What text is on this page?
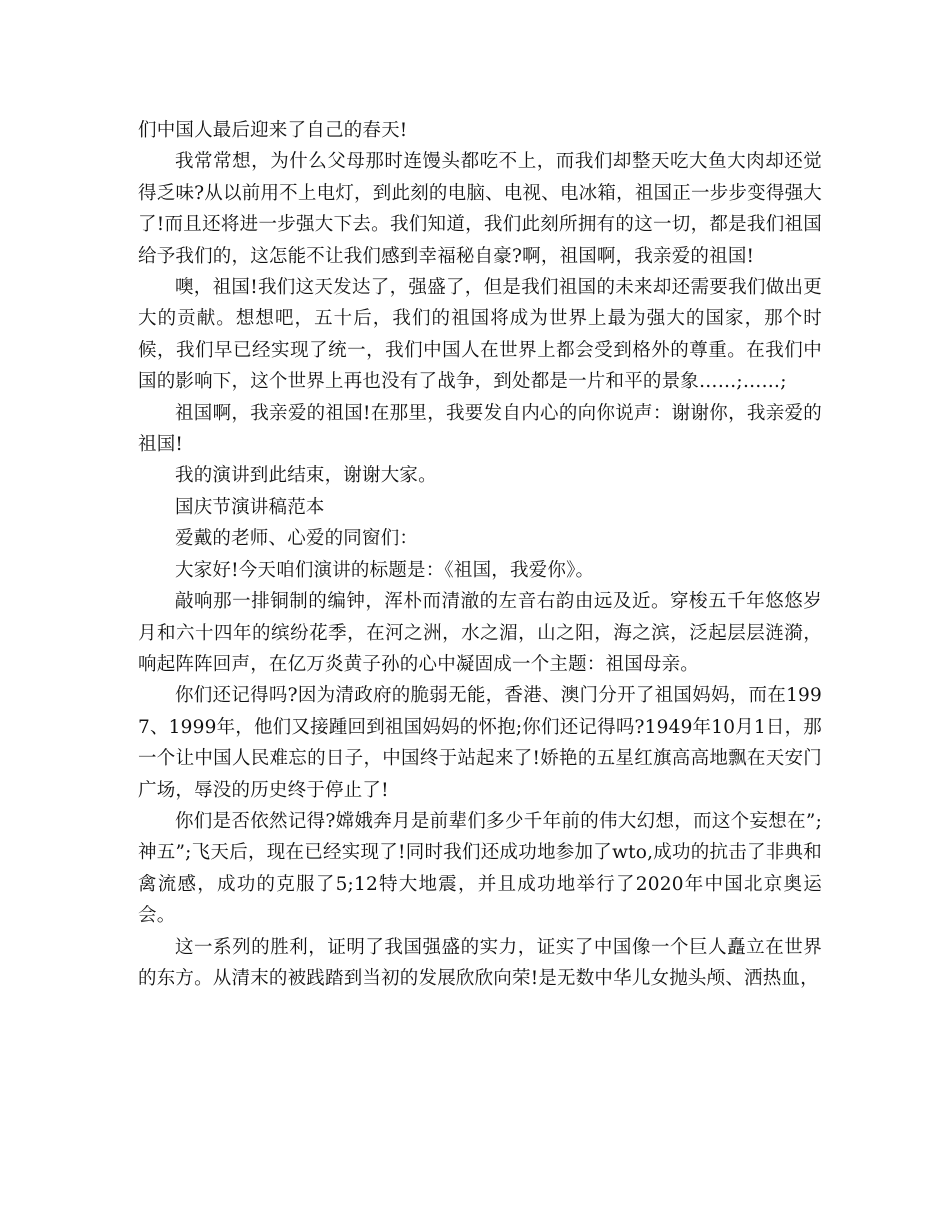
们中国人最后迎来了自己的春天!

我常常想，为什么父母那时连馒头都吃不上，而我们却整天吃大鱼大肉却还觉得乏味?从以前用不上电灯，到此刻的电脑、电视、电冰箱，祖国正一步步变得强大了!而且还将进一步强大下去。我们知道，我们此刻所拥有的这一切，都是我们祖国给予我们的，这怎能不让我们感到幸福秘自豪?啊，祖国啊，我亲爱的祖国!

噢，祖国!我们这天发达了，强盛了，但是我们祖国的未来却还需要我们做出更大的贡献。想想吧，五十后，我们的祖国将成为世界上最为强大的国家，那个时候，我们早已经实现了统一，我们中国人在世界上都会受到格外的尊重。在我们中国的影响下，这个世界上再也没有了战争，到处都是一片和平的景象……;……;

祖国啊，我亲爱的祖国!在那里，我要发自内心的向你说声：谢谢你，我亲爱的祖国!

我的演讲到此结束，谢谢大家。

国庆节演讲稿范本

爱戴的老师、心爱的同窗们：

大家好!今天咱们演讲的标题是：《祖国，我爱你》。

敲响那一排铜制的编钟，浑朴而清澈的左音右韵由远及近。穿梭五千年悠悠岁月和六十四年的缤纷花季，在河之洲，水之湄，山之阳，海之滨，泛起层层涟漪，响起阵阵回声，在亿万炎黄子孙的心中凝固成一个主题：祖国母亲。

你们还记得吗?因为清政府的脆弱无能，香港、澳门分开了祖国妈妈，而在1997、1999年，他们又接踵回到祖国妈妈的怀抱;你们还记得吗?1949年10月1日，那一个让中国人民难忘的日子，中国终于站起来了!娇艳的五星红旗高高地飘在天安门广场，辱没的历史终于停止了!

你们是否依然记得?嫦娥奔月是前辈们多少千年前的伟大幻想，而这个妄想在”;神五”;飞天后，现在已经实现了!同时我们还成功地参加了wto,成功的抗击了非典和禽流感，成功的克服了5;12特大地震，并且成功地举行了2020年中国北京奥运会。

这一系列的胜利，证明了我国强盛的实力，证实了中国像一个巨人矗立在世界的东方。从清末的被践踏到当初的发展欣欣向荣!是无数中华儿女抛头颅、洒热血，
